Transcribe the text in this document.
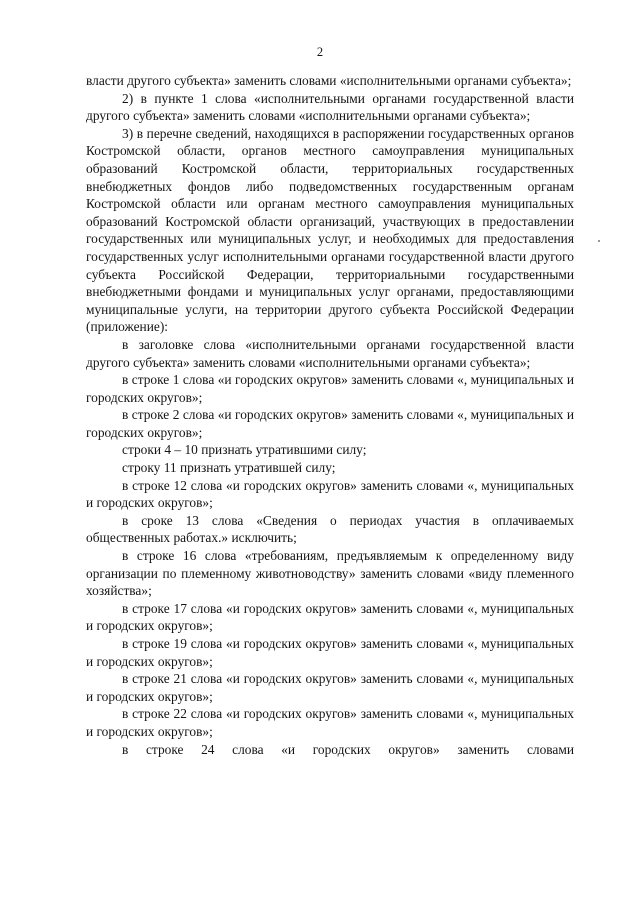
2

власти другого субъекта» заменить словами «исполнительными органами субъекта»;

2) в пункте 1 слова «исполнительными органами государственной власти другого субъекта» заменить словами «исполнительными органами субъекта»;

3) в перечне сведений, находящихся в распоряжении государственных органов Костромской области, органов местного самоуправления муниципальных образований Костромской области, территориальных государственных внебюджетных фондов либо подведомственных государственным органам Костромской области или органам местного самоуправления муниципальных образований Костромской области организаций, участвующих в предоставлении государственных или муниципальных услуг, и необходимых для предоставления государственных услуг исполнительными органами государственной власти другого субъекта Российской Федерации, территориальными государственными внебюджетными фондами и муниципальных услуг органами, предоставляющими муниципальные услуги, на территории другого субъекта Российской Федерации (приложение):

в заголовке слова «исполнительными органами государственной власти другого субъекта» заменить словами «исполнительными органами субъекта»;

в строке 1 слова «и городских округов» заменить словами «, муниципальных и городских округов»;

в строке 2 слова «и городских округов» заменить словами «, муниципальных и городских округов»;

строки 4 – 10 признать утратившими силу;

строку 11 признать утратившей силу;

в строке 12 слова «и городских округов» заменить словами «, муниципальных и городских округов»;

в сроке 13 слова «Сведения о периодах участия в оплачиваемых общественных работах.» исключить;

в строке 16 слова «требованиям, предъявляемым к определенному виду организации по племенному животноводству» заменить словами «виду племенного хозяйства»;

в строке 17 слова «и городских округов» заменить словами «, муниципальных и городских округов»;

в строке 19 слова «и городских округов» заменить словами «, муниципальных и городских округов»;

в строке 21 слова «и городских округов» заменить словами «, муниципальных и городских округов»;

в строке 22 слова «и городских округов» заменить словами «, муниципальных и городских округов»;

в строке 24 слова «и городских округов» заменить словами
